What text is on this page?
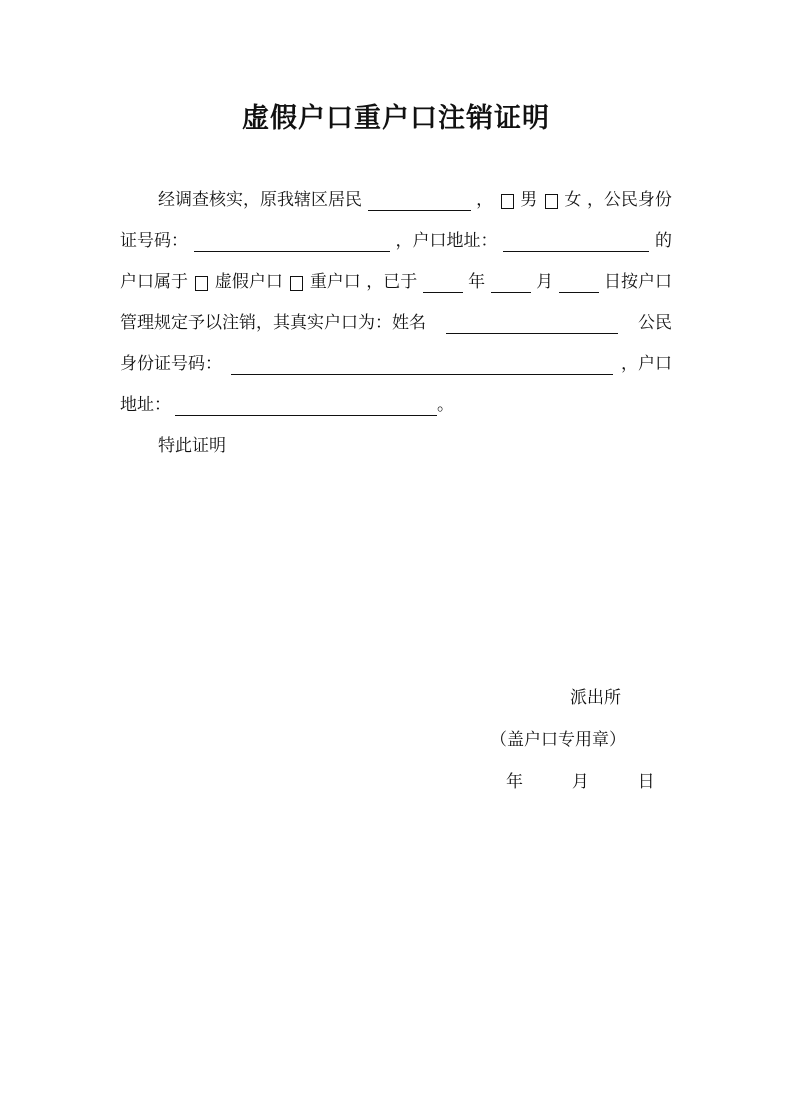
虚假户口重户口注销证明
经调查核实，原我辖区居民	， 男 女 ，公民身份
证号码：	，户口地址：	的
户口属于 虚假户口 重户口 ，已于	年	月	日按户口
管理规定予以注销，其真实户口为：姓名	公民
身份证号码：	，户口
地址：	。
特此证明
派出所
（盖户口专用章）
年	月	日
